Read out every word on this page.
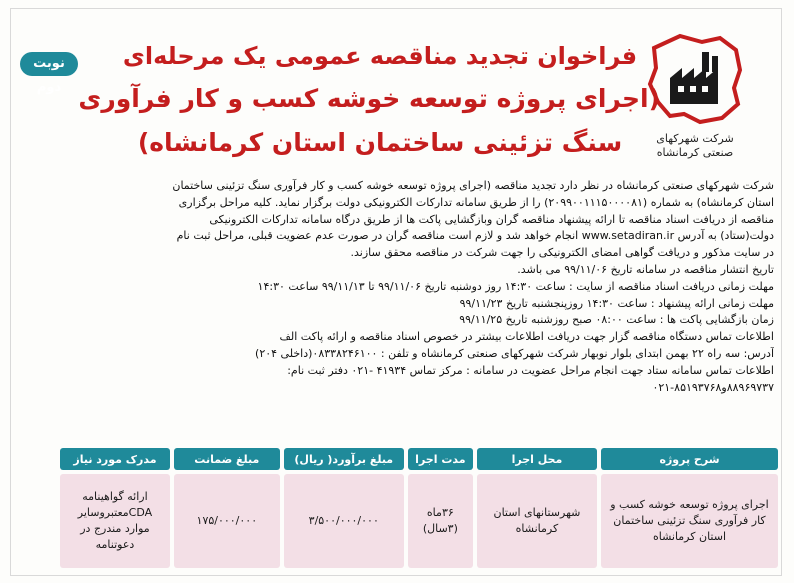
نوبت دوم
فراخوان تجدید مناقصه عمومی یک مرحله‌ای
(اجرای پروژه توسعه خوشه کسب و کار فرآوری
سنگ تزئینی ساختمان استان کرمانشاه)	شرکت شهرکهای
صنعتی کرمانشاه

شرکت شهرکهای صنعتی کرمانشاه در نظر دارد تجدید مناقصه (اجرای پروژه توسعه خوشه کسب و کار فرآوری سنگ تزئینی ساختمان

استان کرمانشاه) به شماره (۲۰۹۹۰۰۱۱۱۵۰۰۰۰۸۱) را از طریق سامانه تدارکات الکترونیکی دولت برگزار نماید. کلیه مراحل برگزاری

مناقصه از دریافت اسناد مناقصه تا ارائه پیشنهاد مناقصه گران وبازگشایی پاکت ها از طریق درگاه سامانه تدارکات الکترونیکی

دولت(ستاد) به آدرس www.setadiran.ir انجام خواهد شد و لازم است مناقصه گران در صورت عدم عضویت قبلی، مراحل ثبت نام

در سایت مذکور و دریافت گواهی امضای الکترونیکی را جهت شرکت در مناقصه محقق سازند.

تاریخ انتشار مناقصه در سامانه تاریخ ۹۹/۱۱/۰۶ می باشد.

مهلت زمانی دریافت اسناد مناقصه از سایت : ساعت ۱۴:۳۰ روز دوشنبه تاریخ ۹۹/۱۱/۰۶ تا ۹۹/۱۱/۱۳ ساعت ۱۴:۳۰

مهلت زمانی ارائه پیشنهاد : ساعت ۱۴:۳۰ روزپنجشنبه تاریخ ۹۹/۱۱/۲۳

زمان بازگشایی پاکت ها : ساعت ۰۸:۰۰ صبح روزشنبه تاریخ ۹۹/۱۱/۲۵

اطلاعات تماس دستگاه مناقصه گزار جهت دریافت اطلاعات بیشتر در خصوص اسناد مناقصه و ارائه پاکت الف

آدرس: سه راه ۲۲ بهمن ابتدای بلوار نوبهار شرکت شهرکهای صنعتی کرمانشاه و تلفن : ۰۸۳۳۸۲۴۶۱۰۰(داخلی ۲۰۴)

اطلاعات تماس سامانه ستاد جهت انجام مراحل عضویت در سامانه : مرکز تماس ۴۱۹۳۴ -۰۲۱ دفتر ثبت نام:

۸۸۹۶۹۷۳۷و۸۵۱۹۳۷۶۸-۰۲۱

شرح پروژه	محل اجرا	مدت اجرا	مبلغ برآورد( ریال)	مبلغ ضمانت	مدرک مورد نیاز
اجرای پروژه توسعه خوشه کسب و کار فرآوری سنگ تزئینی ساختمان استان کرمانشاه	شهرستانهای استان کرمانشاه	۳۶ماه (۳سال)	۳/۵۰۰/۰۰۰/۰۰۰	۱۷۵/۰۰۰/۰۰۰	ارائه گواهینامه CDAمعتبروسایر موارد مندرج در دعوتنامه
